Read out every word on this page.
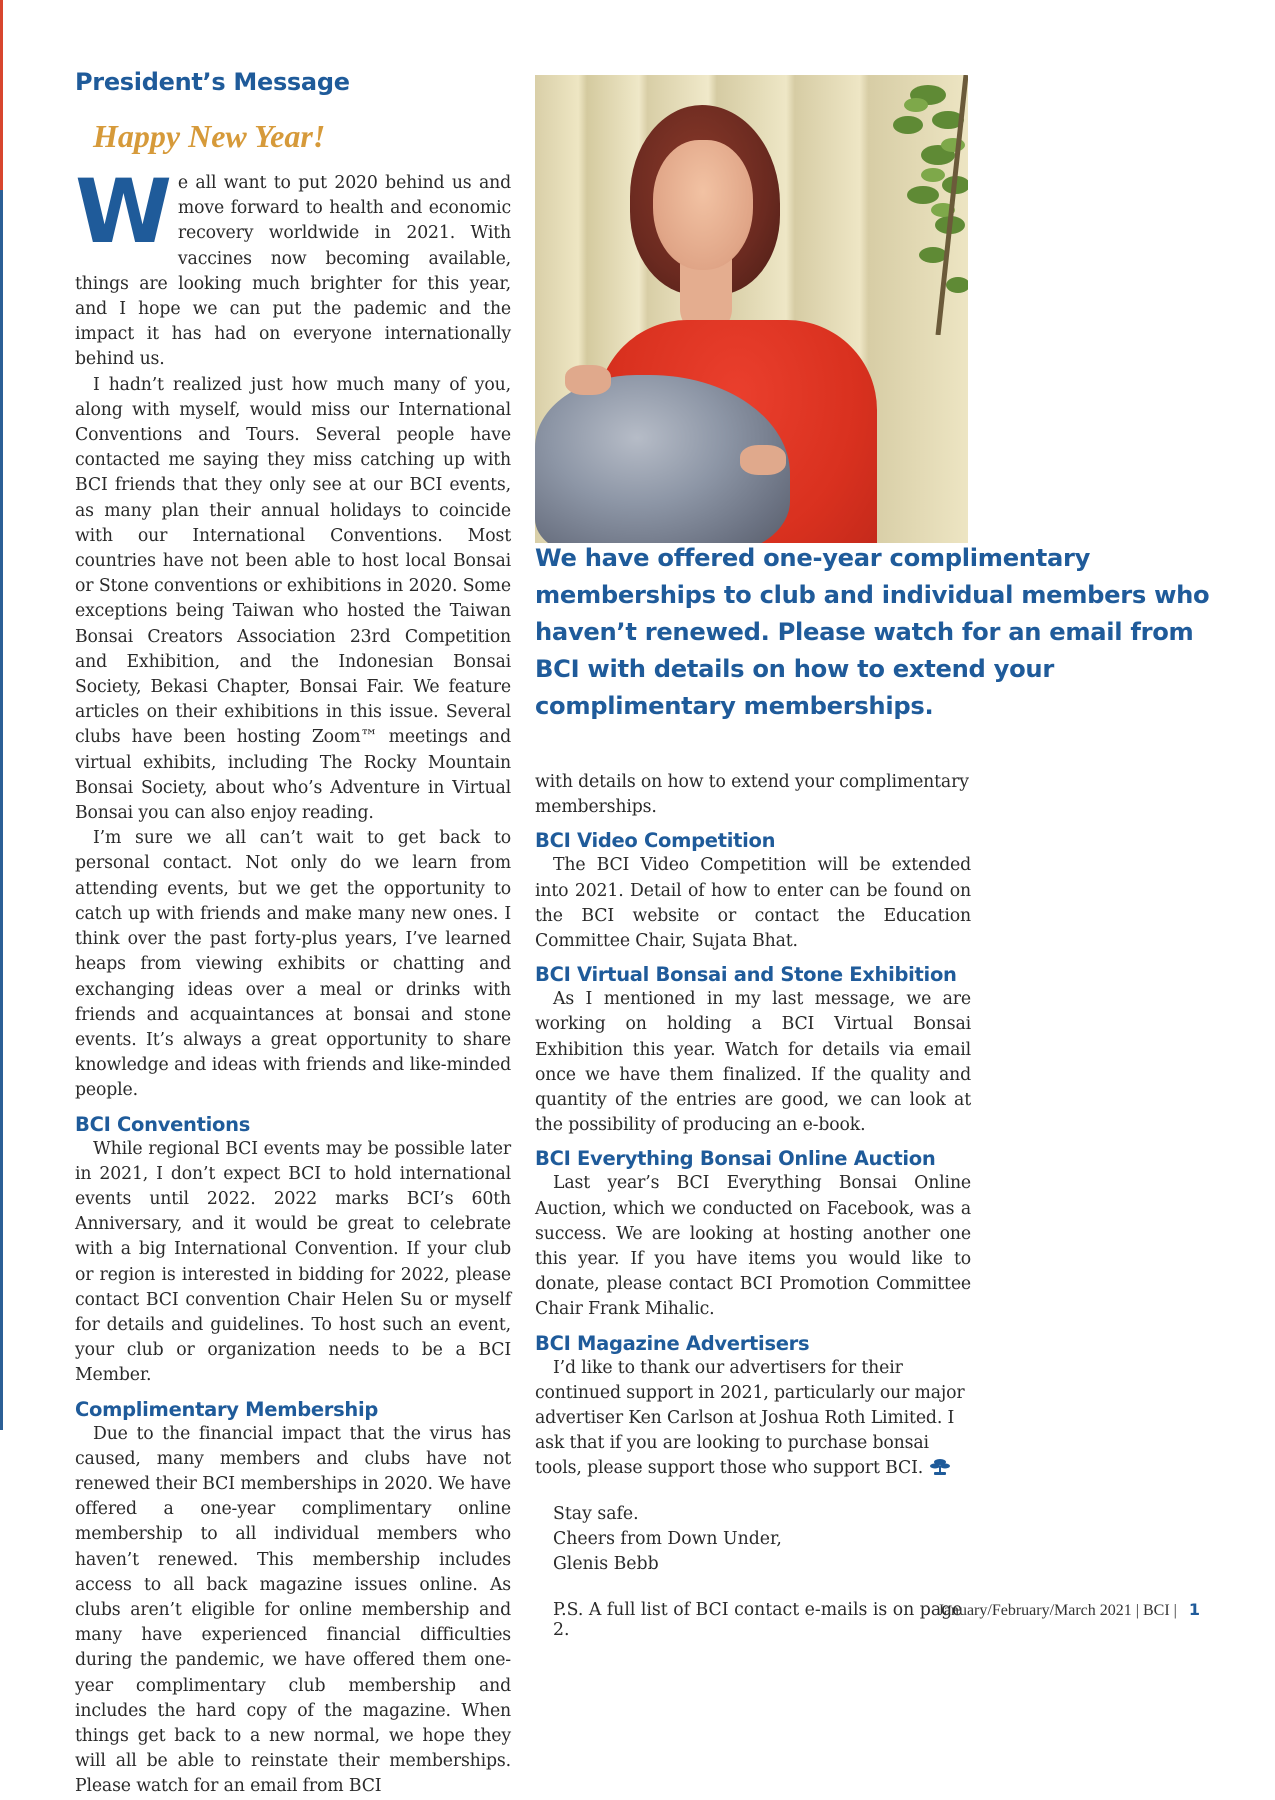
President’s Message
Happy New Year!

We all want to put 2020 behind us and move forward to health and economic recovery worldwide in 2021. With vaccines now becoming available, things are looking much brighter for this year, and I hope we can put the pademic and the impact it has had on everyone internationally behind us.

I hadn’t realized just how much many of you, along with myself, would miss our International Conventions and Tours. Several people have contacted me saying they miss catching up with BCI friends that they only see at our BCI events, as many plan their annual holidays to coincide with our International Conventions. Most countries have not been able to host local Bonsai or Stone conventions or exhibitions in 2020. Some exceptions being Taiwan who hosted the Taiwan Bonsai Creators Association 23rd Competition and Exhibition, and the Indonesian Bonsai Society, Bekasi Chapter, Bonsai Fair. We feature articles on their exhibitions in this issue. Several clubs have been hosting Zoom™ meetings and virtual exhibits, including The Rocky Mountain Bonsai Society, about who’s Adventure in Virtual Bonsai you can also enjoy reading.

I’m sure we all can’t wait to get back to personal contact. Not only do we learn from attending events, but we get the opportunity to catch up with friends and make many new ones. I think over the past forty-plus years, I’ve learned heaps from viewing exhibits or chatting and exchanging ideas over a meal or drinks with friends and acquaintances at bonsai and stone events. It’s always a great opportunity to share knowledge and ideas with friends and like-minded people.

BCI Conventions

While regional BCI events may be possible later in 2021, I don’t expect BCI to hold international events until 2022. 2022 marks BCI’s 60th Anniversary, and it would be great to celebrate with a big International Convention. If your club or region is interested in bidding for 2022, please contact BCI convention Chair Helen Su or myself for details and guidelines. To host such an event, your club or organization needs to be a BCI Member.

Complimentary Membership

Due to the financial impact that the virus has caused, many members and clubs have not renewed their BCI memberships in 2020. We have offered a one-year complimentary online membership to all individual members who haven’t renewed. This membership includes access to all back magazine issues online. As clubs aren’t eligible for online membership and many have experienced financial difficulties during the pandemic, we have offered them one-year complimentary club membership and includes the hard copy of the magazine. When things get back to a new normal, we hope they will all be able to reinstate their memberships. Please watch for an email from BCI

We have offered one-year complimentary memberships to club and individual members who haven’t renewed. Please watch for an email from BCI with details on how to extend your complimentary memberships.

with details on how to extend your complimentary memberships.

BCI Video Competition

The BCI Video Competition will be extended into 2021. Detail of how to enter can be found on the BCI website or contact the Education Committee Chair, Sujata Bhat.

BCI Virtual Bonsai and Stone Exhibition

As I mentioned in my last message, we are working on holding a BCI Virtual Bonsai Exhibition this year. Watch for details via email once we have them finalized. If the quality and quantity of the entries are good, we can look at the possibility of producing an e-book.

BCI Everything Bonsai Online Auction

Last year’s BCI Everything Bonsai Online Auction, which we conducted on Facebook, was a success. We are looking at hosting another one this year. If you have items you would like to donate, please contact BCI Promotion Committee Chair Frank Mihalic.

BCI Magazine Advertisers

I’d like to thank our advertisers for their continued support in 2021, particularly our major advertiser Ken Carlson at Joshua Roth Limited. I ask that if you are looking to purchase bonsai tools, please support those who support BCI.

Stay safe.
Cheers from Down Under,
Glenis Bebb
P.S. A full list of BCI contact e-mails is on page 2.
January/February/March 2021 | BCI | 1
